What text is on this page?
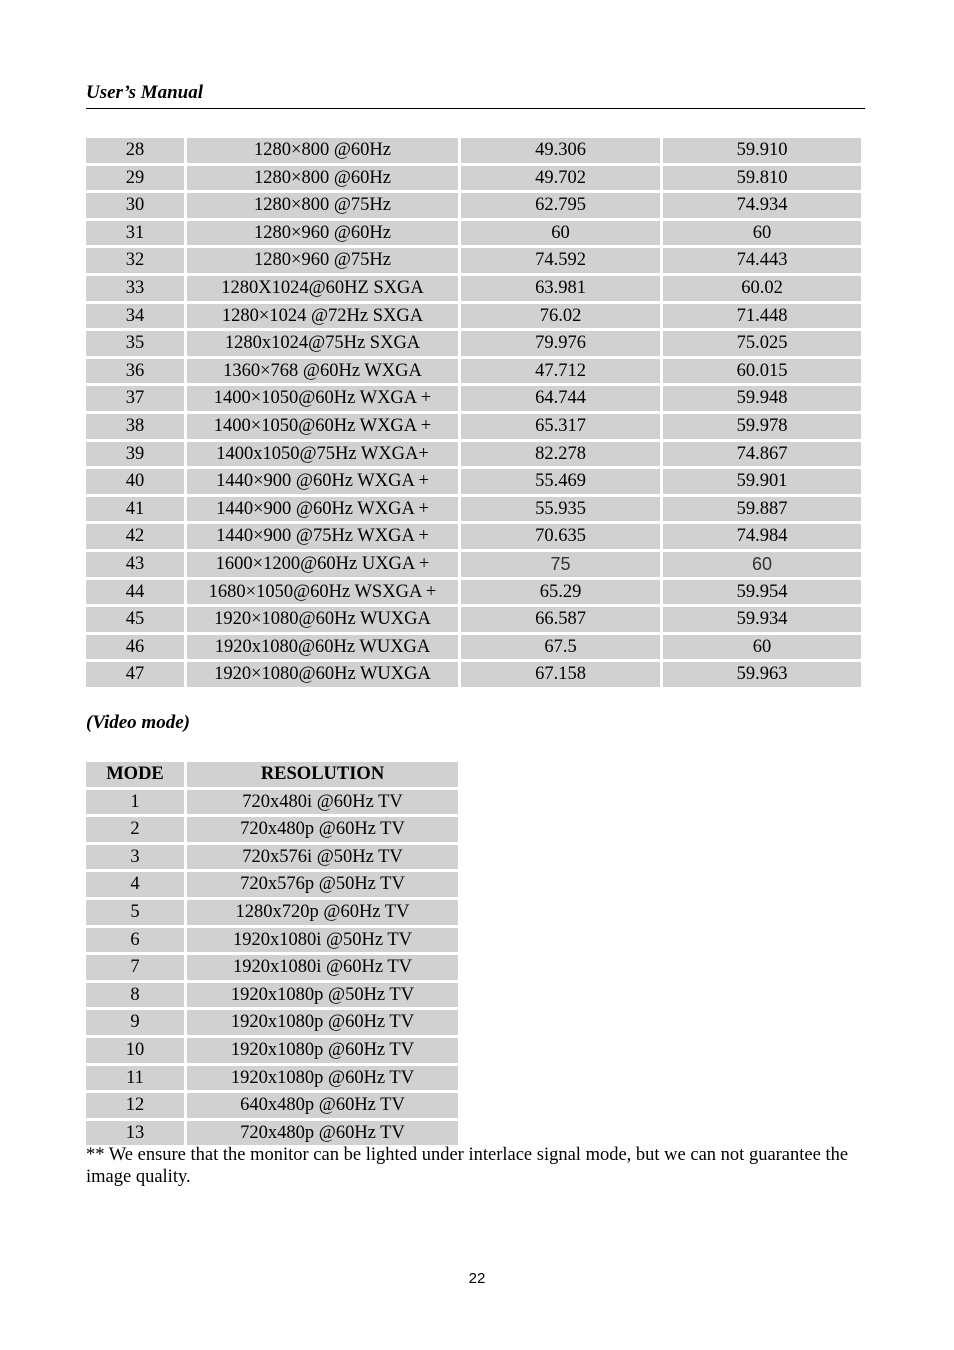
User’s Manual
28	1280×800 @60Hz	49.306	59.910
29	1280×800 @60Hz	49.702	59.810
30	1280×800 @75Hz	62.795	74.934
31	1280×960 @60Hz	60	60
32	1280×960 @75Hz	74.592	74.443
33	1280X1024@60HZ SXGA	63.981	60.02
34	1280×1024 @72Hz SXGA	76.02	71.448
35	1280x1024@75Hz SXGA	79.976	75.025
36	1360×768 @60Hz WXGA	47.712	60.015
37	1400×1050@60Hz WXGA +	64.744	59.948
38	1400×1050@60Hz WXGA +	65.317	59.978
39	1400x1050@75Hz WXGA+	82.278	74.867
40	1440×900 @60Hz WXGA +	55.469	59.901
41	1440×900 @60Hz WXGA +	55.935	59.887
42	1440×900 @75Hz WXGA +	70.635	74.984
43	1600×1200@60Hz UXGA +	75	60
44	1680×1050@60Hz WSXGA +	65.29	59.954
45	1920×1080@60Hz WUXGA	66.587	59.934
46	1920x1080@60Hz WUXGA	67.5	60
47	1920×1080@60Hz WUXGA	67.158	59.963
(Video mode)
MODE	RESOLUTION
1	720x480i @60Hz TV
2	720x480p @60Hz TV
3	720x576i @50Hz TV
4	720x576p @50Hz TV
5	1280x720p @60Hz TV
6	1920x1080i @50Hz TV
7	1920x1080i @60Hz TV
8	1920x1080p @50Hz TV
9	1920x1080p @60Hz TV
10	1920x1080p @60Hz TV
11	1920x1080p @60Hz TV
12	640x480p @60Hz TV
13	720x480p @60Hz TV
** We ensure that the monitor can be lighted under interlace signal mode, but we can not guarantee the image quality.
22
